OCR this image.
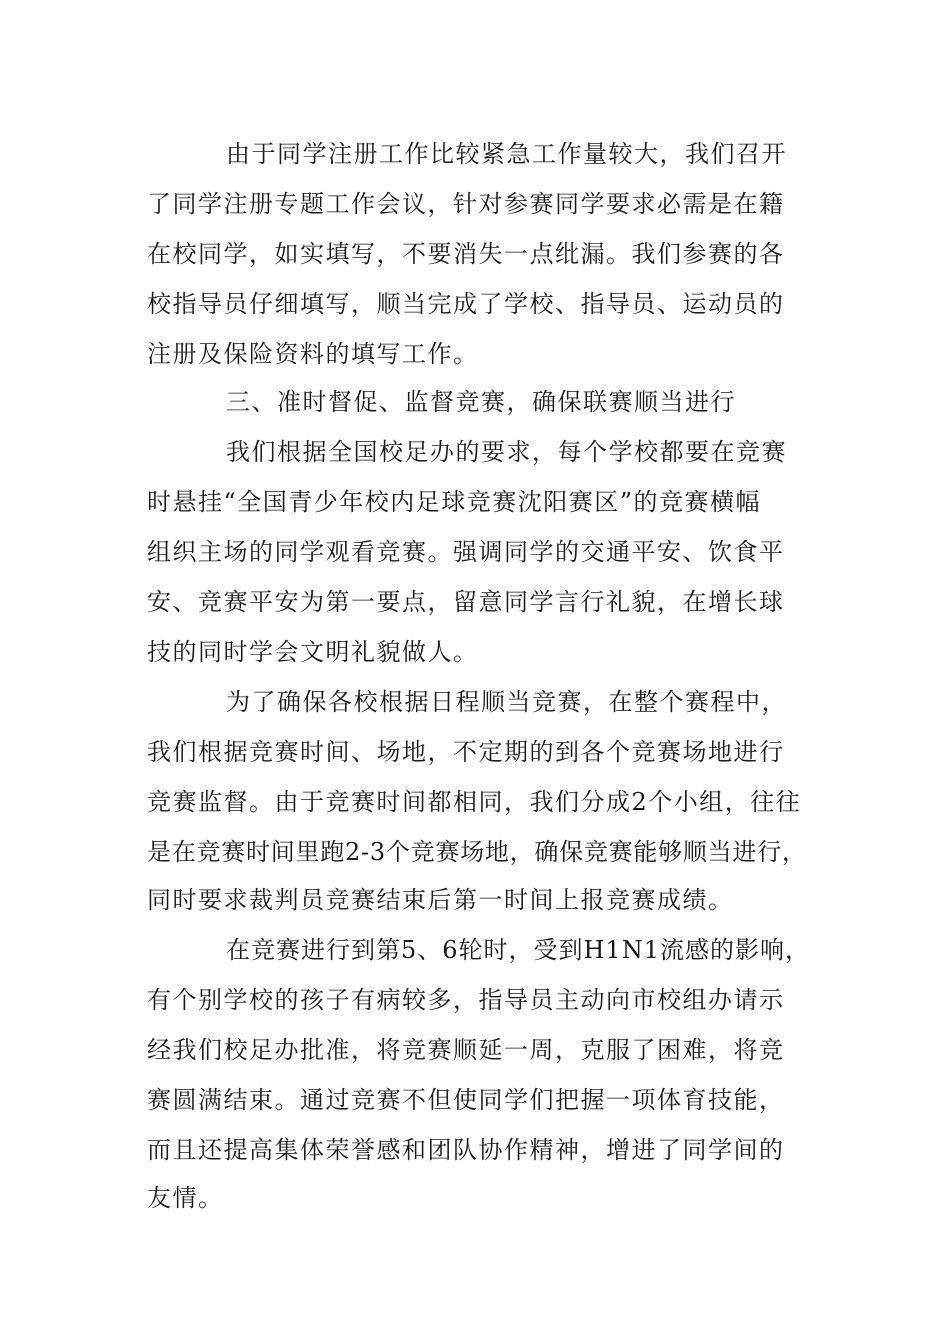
由于同学注册工作比较紧急工作量较大，我们召开
了同学注册专题工作会议，针对参赛同学要求必需是在籍
在校同学，如实填写，不要消失一点纰漏。我们参赛的各
校指导员仔细填写，顺当完成了学校、指导员、运动员的
注册及保险资料的填写工作。
三、准时督促、监督竞赛，确保联赛顺当进行
我们根据全国校足办的要求，每个学校都要在竞赛
时悬挂“全国青少年校内足球竞赛沈阳赛区”的竞赛横幅
组织主场的同学观看竞赛。强调同学的交通平安、饮食平
安、竞赛平安为第一要点，留意同学言行礼貌，在增长球
技的同时学会文明礼貌做人。
为了确保各校根据日程顺当竞赛，在整个赛程中，
我们根据竞赛时间、场地，不定期的到各个竞赛场地进行
竞赛监督。由于竞赛时间都相同，我们分成2个小组，往往
是在竞赛时间里跑2-3个竞赛场地，确保竞赛能够顺当进行，
同时要求裁判员竞赛结束后第一时间上报竞赛成绩。
在竞赛进行到第5、6轮时，受到H1N1流感的影响，
有个别学校的孩子有病较多，指导员主动向市校组办请示
经我们校足办批准，将竞赛顺延一周，克服了困难，将竞
赛圆满结束。通过竞赛不但使同学们把握一项体育技能，
而且还提高集体荣誉感和团队协作精神，增进了同学间的
友情。
